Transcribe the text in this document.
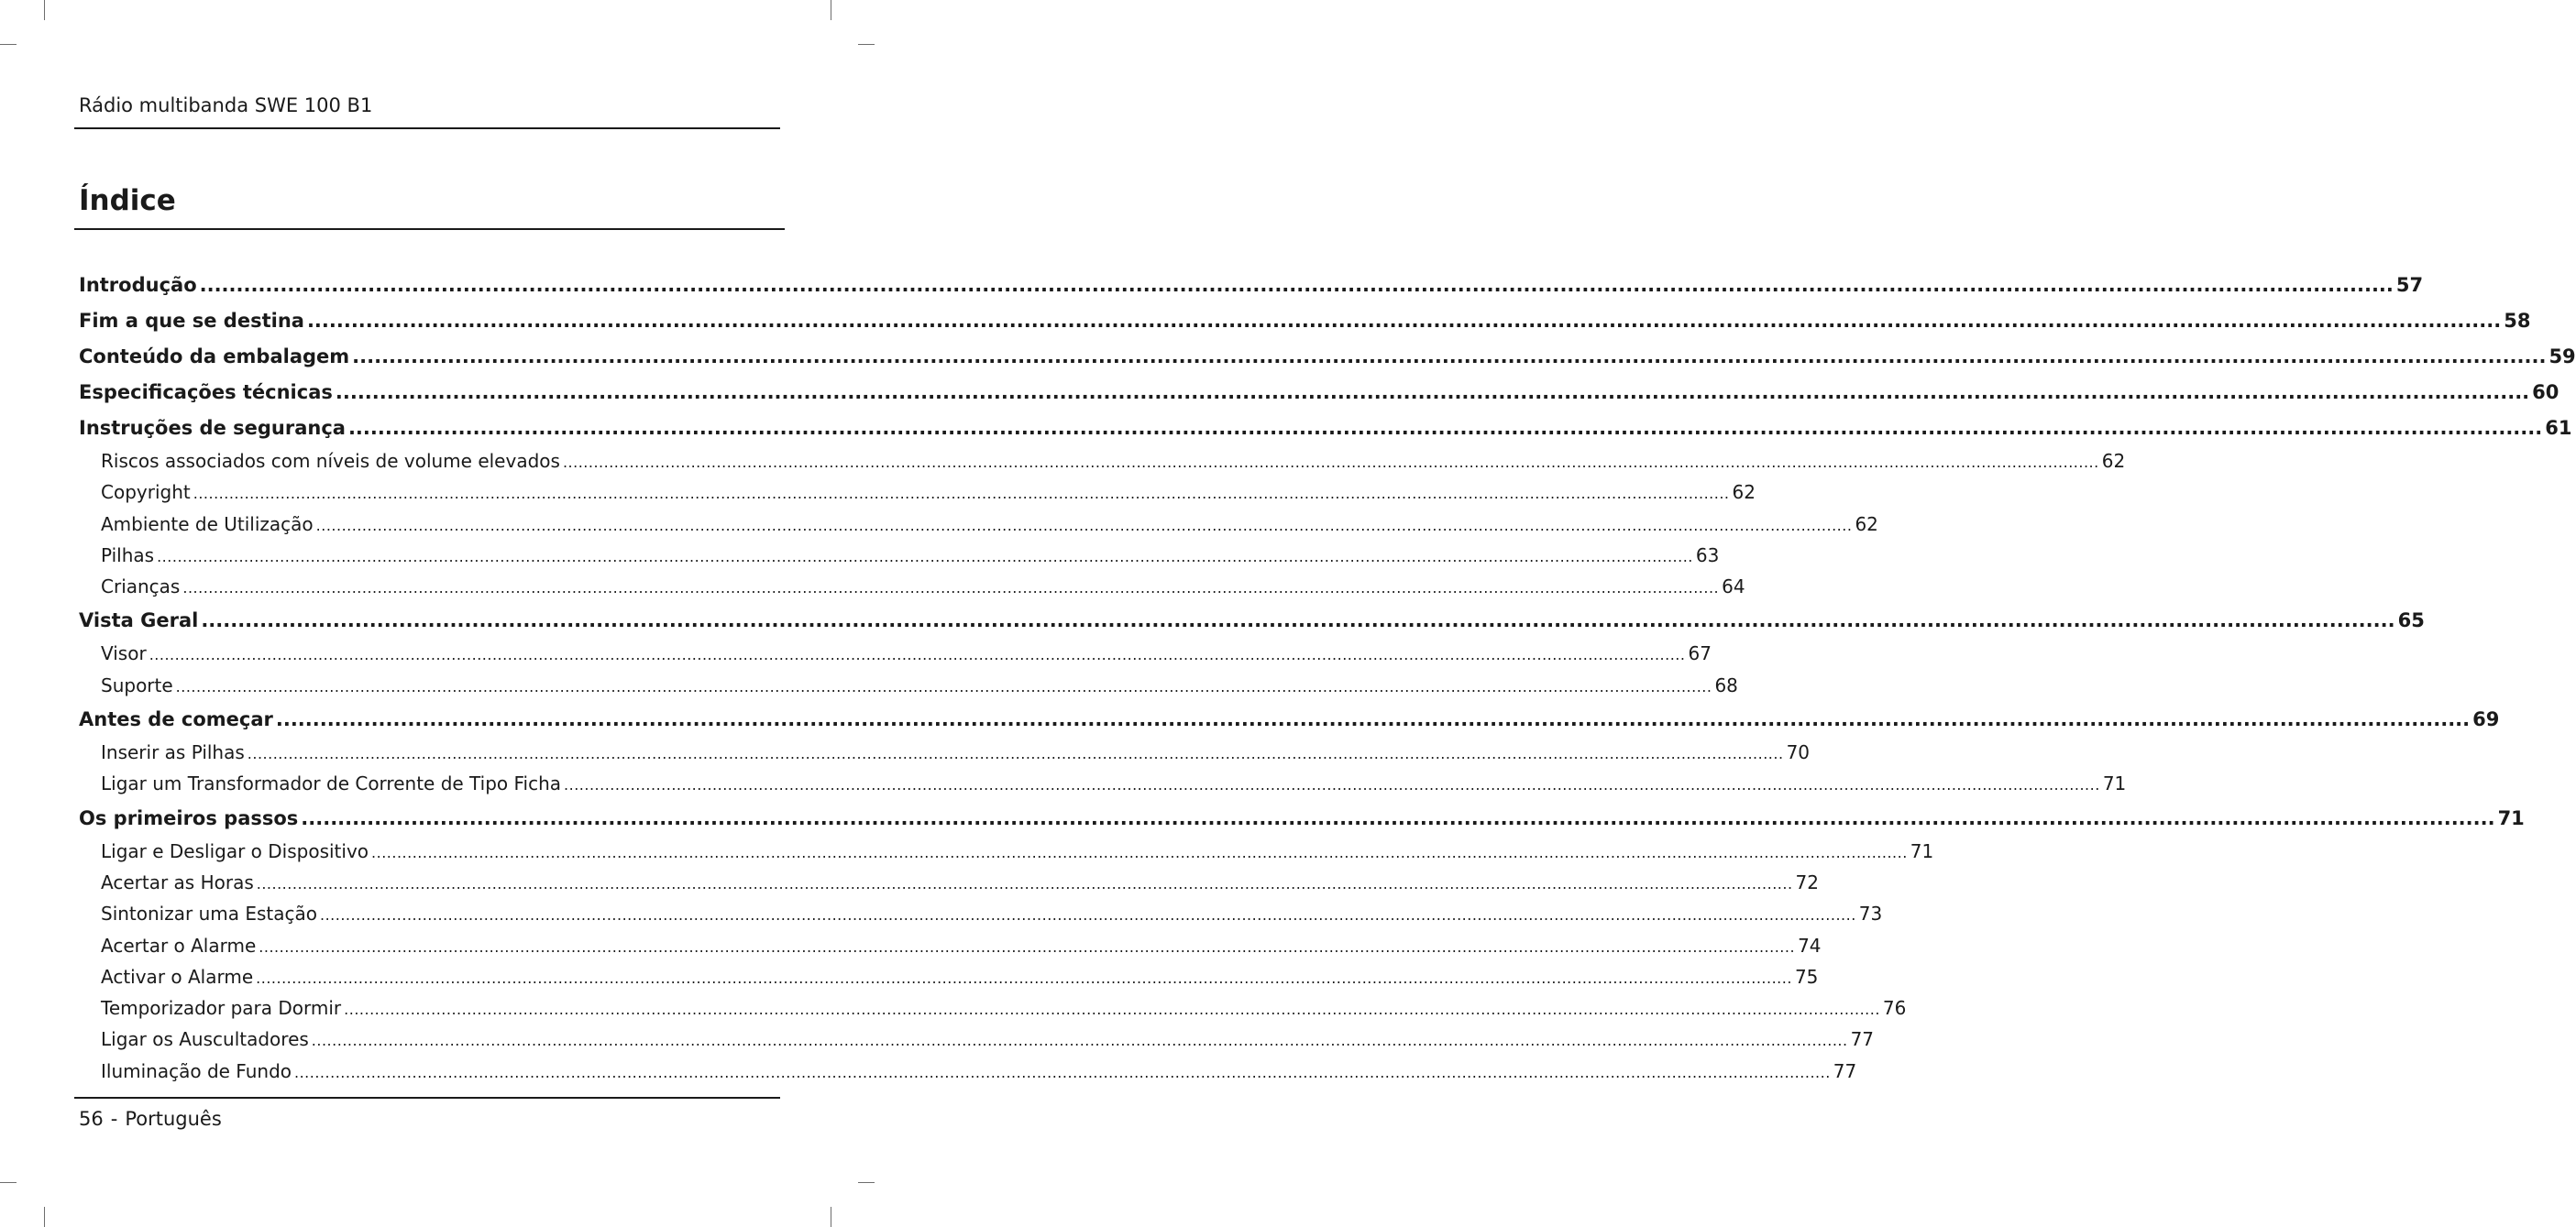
Rádio multibanda SWE 100 B1
Índice
Introdução ............................................................................................................................................................................................................................................................................................................ 57
Fim a que se destina ............................................................................................................................................................................................................................................................................................................ 58
Conteúdo da embalagem ............................................................................................................................................................................................................................................................................................................ 59
Especificações técnicas ............................................................................................................................................................................................................................................................................................................ 60
Instruções de segurança ............................................................................................................................................................................................................................................................................................................ 61
Riscos associados com níveis de volume elevados ............................................................................................................................................................................................................................................................................................................ 62
Copyright ............................................................................................................................................................................................................................................................................................................ 62
Ambiente de Utilização ............................................................................................................................................................................................................................................................................................................ 62
Pilhas ............................................................................................................................................................................................................................................................................................................ 63
Crianças ............................................................................................................................................................................................................................................................................................................ 64
Vista Geral ............................................................................................................................................................................................................................................................................................................ 65
Visor ............................................................................................................................................................................................................................................................................................................ 67
Suporte ............................................................................................................................................................................................................................................................................................................ 68
Antes de começar ............................................................................................................................................................................................................................................................................................................ 69
Inserir as Pilhas ............................................................................................................................................................................................................................................................................................................ 70
Ligar um Transformador de Corrente de Tipo Ficha ............................................................................................................................................................................................................................................................................................................ 71
Os primeiros passos ............................................................................................................................................................................................................................................................................................................ 71
Ligar e Desligar o Dispositivo ............................................................................................................................................................................................................................................................................................................ 71
Acertar as Horas ............................................................................................................................................................................................................................................................................................................ 72
Sintonizar uma Estação ............................................................................................................................................................................................................................................................................................................ 73
Acertar o Alarme ............................................................................................................................................................................................................................................................................................................ 74
Activar o Alarme ............................................................................................................................................................................................................................................................................................................ 75
Temporizador para Dormir ............................................................................................................................................................................................................................................................................................................ 76
Ligar os Auscultadores ............................................................................................................................................................................................................................................................................................................ 77
Iluminação de Fundo ............................................................................................................................................................................................................................................................................................................ 77
56 - Português
